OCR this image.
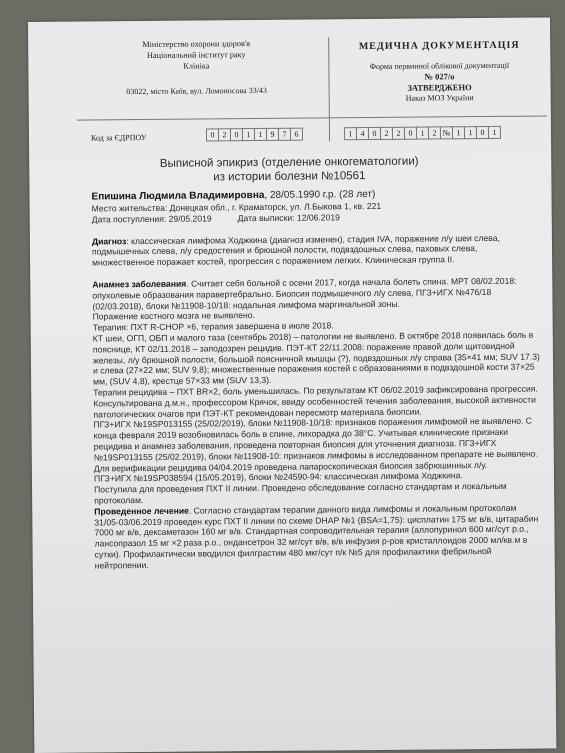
Міністерство охорони здоров'я
Національний інститут раку
Клініка
03022, місто Київ, вул. Ломоносова 33/43
МЕДИЧНА ДОКУМЕНТАЦІЯ
Форма первинної облікової документації
№ 027/о
ЗАТВЕРДЖЕНО
Наказ МОЗ України
Код за ЄДРПОУ	0 2 0 1 1 9 7 6	1 4 0 2 2 0 1 2 № 1 1 0 1
Выписной эпикриз (отделение онкогематологии)
из истории болезни №10561

Епишина Людмила Владимировна, 28/05.1990 г.р. (28 лет)

Место жительства: Донецкая обл., г. Краматорск, ул. Л.Быкова 1, кв. 221

Дата поступления: 29/05.2019	Дата выписки: 12/06.2019

Диагноз: классическая лимфома Ходжкина (диагноз изменен), стадия IVA, поражение л/у шеи слева, подмышечных слева, л/у средостения и брюшной полости, подвздошных слева, паховых слева, множественное поражает костей, прогрессия с поражением легких. Клиническая группа II.

Анамнез заболевания. Считает себя больной с осени 2017, когда начала болеть спина. МРТ 08/02.2018: опухолевые образования паравертебрально. Биопсия подмышечного л/у слева, ПГЗ+ИГХ №476/18 (02/03.2018), блоки №11908-10/18: нодальная лимфома маргинальной зоны.

Поражение костного мозга не выявлено.

Терапия: ПХТ R-CHOP ×6, терапия завершена в июле 2018.

КТ шеи, ОГП, ОБП и малого таза (сентябрь 2018) – патологии не выявлено. В октябре 2018 появилась боль в пояснице, КТ 02/11.2018 – заподозрен рецидив. ПЭТ-КТ 22/11.2008: поражение правой доли щитовидной железы, л/у брюшной полости, большой поясничной мышцы (?), подвздошных л/у справа (35×41 мм; SUV 17.3) и слева (27×22 мм; SUV 9,8); множественные поражения костей с образованиями в подвздошной кости 37×25 мм, (SUV 4,8), крестце 57×33 мм (SUV 13,3).

Терапия рецидива – ПХТ BR×2, боль уменьшилась. По результатам КТ 06/02.2019 зафиксирована прогрессия.

Консультирована д.м.н., профессором Крячок, ввиду особенностей течения заболевания, высокой активности патологических очагов при ПЭТ-КТ рекомендован пересмотр материала биопсии.

ПГЗ+ИГХ №19SP013155 (25/02/2019), блоки №11908-10/18: признаков поражения лимфомой не выявлено. С конца февраля 2019 возобновилась боль в спине, лихорадка до 38°С. Учитывая клинические признаки рецидива и анамнез заболевания, проведена повторная биопсия для уточнения диагноза. ПГЗ+ИГХ №19SP013155 (25/02.2019), блоки №11908-10: признаков лимфомы в исследованном препарате не выявлено.

Для верификации рецидива 04/04.2019 проведена лапароскопическая биопсия забрюшинных л/у.

ПГЗ+ИГХ №19SP038594 (15/05.2019), блоки №24590-94: классическая лимфома Ходжкина.

Поступила для проведения ПХТ II линии. Проведено обследование согласно стандартам и локальным протоколам.

Проведенное лечение. Согласно стандартам терапии данного вида лимфомы и локальным протоколам 31/05-03/06.2019 проведен курс ПХТ II линии по схеме DHAP №1 (BSA=1,75): цисплатин 175 мг в/в, цитарабин 7000 мг в/в, дексаметазон 160 мг в/в. Стандартная сопроводительная терапия (аллопуринол 600 мг/сут р.о., лансопразол 15 мг ×2 раза р.о., ондансетрон 32 мг/сут в/в, в/в инфузия р-ров кристаллоидов 2000 мл/кв.м в сутки). Профилактически вводился филграстим 480 мкг/сут п/к №5 для профилактики фебрильной нейтропении.
